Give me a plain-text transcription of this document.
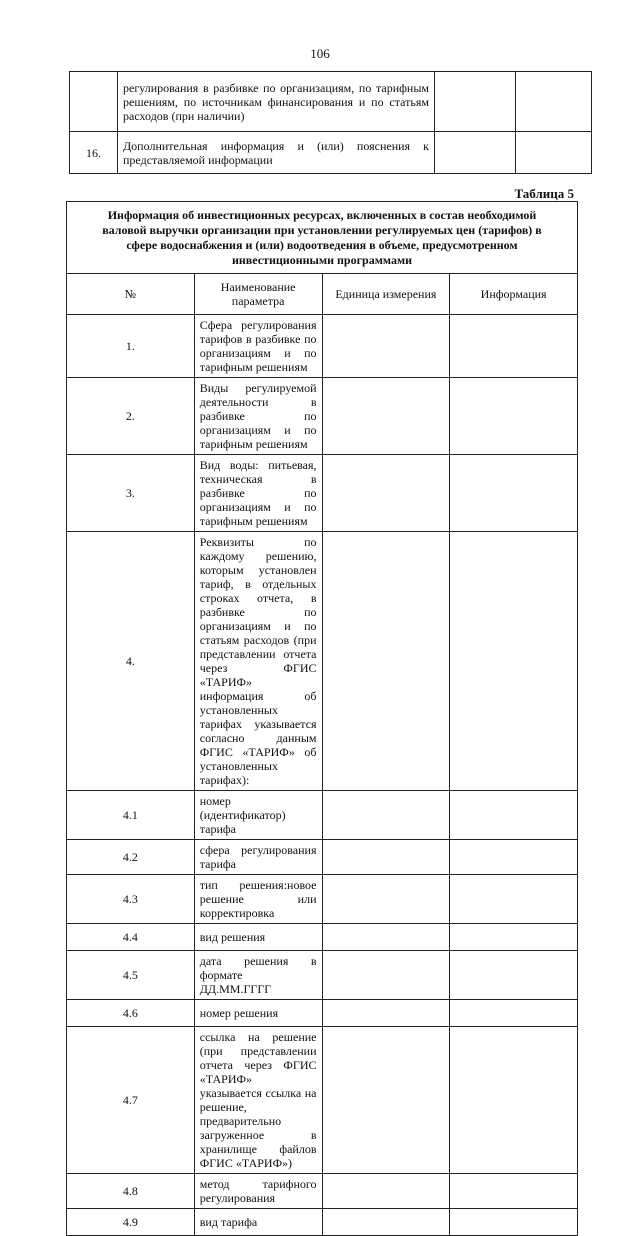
106
	регулирования в разбивке по организациям, по тарифным решениям, по источникам финансирования и по статьям расходов (при наличии)		
16.	Дополнительная информация и (или) пояснения к представляемой информации		
Таблица 5
Информация об инвестиционных ресурсах, включенных в состав необходимой валовой выручки организации при установлении регулируемых цен (тарифов) в сфере водоснабжения и (или) водоотведения в объеме, предусмотренном инвестиционными программами			
№	Наименование параметра	Единица измерения	Информация
1.	Сфера регулирования тарифов в разбивке по организациям и по тарифным решениям		
2.	Виды регулируемой деятельности в разбивке по организациям и по тарифным решениям		
3.	Вид воды: питьевая, техническая в разбивке по организациям и по тарифным решениям		
4.	Реквизиты по каждому решению, которым установлен тариф, в отдельных строках отчета, в разбивке по организациям и по статьям расходов (при представлении отчета через ФГИС «ТАРИФ» информация об установленных тарифах указывается согласно данным ФГИС «ТАРИФ» об установленных тарифах):		
4.1	номер (идентификатор) тарифа		
4.2	сфера регулирования тарифа		
4.3	тип решения:новое решение или корректировка		
4.4	вид решения		
4.5	дата решения в формате ДД.ММ.ГГГГ		
4.6	номер решения		
4.7	ссылка на решение (при представлении отчета через ФГИС «ТАРИФ» указывается ссылка на решение, предварительно загруженное в хранилище файлов ФГИС «ТАРИФ»)		
4.8	метод тарифного регулирования		
4.9	вид тарифа		
